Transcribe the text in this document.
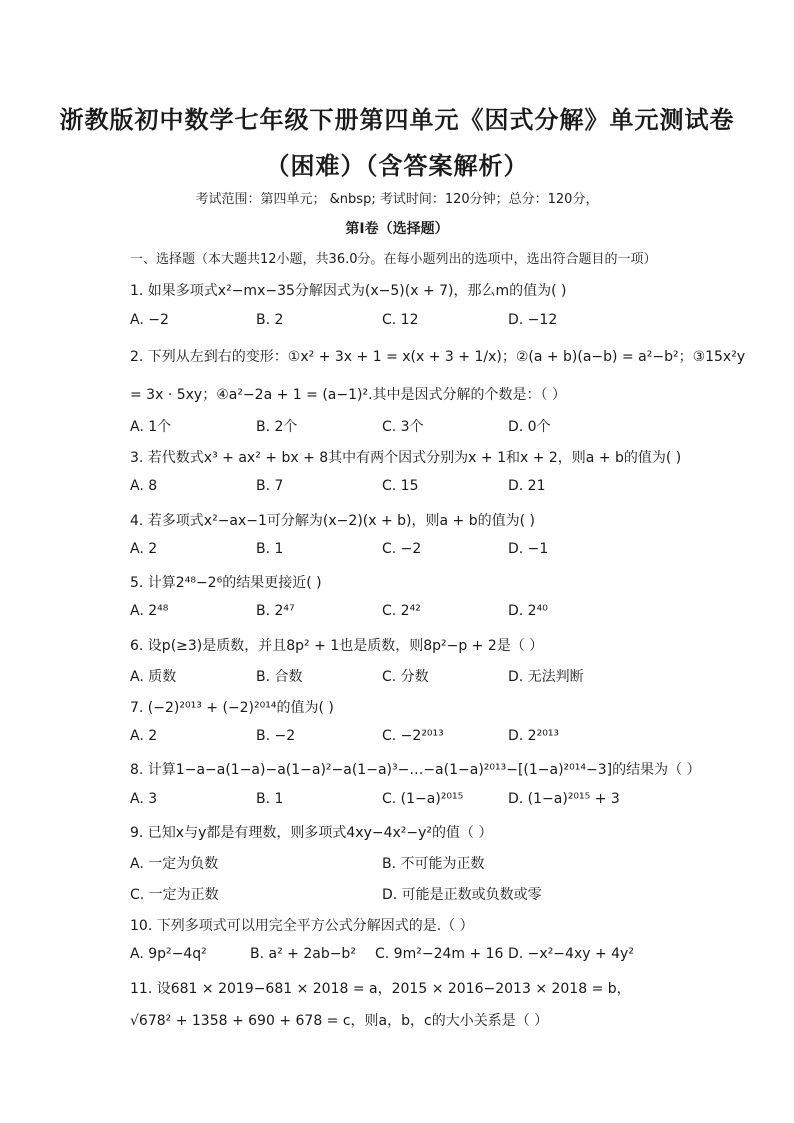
浙教版初中数学七年级下册第四单元《因式分解》单元测试卷
（困难）（含答案解析）
考试范围：第四单元； &nbsp; 考试时间：120分钟；总分：120分，
第I卷（选择题）
一、选择题（本大题共12小题，共36.0分。在每小题列出的选项中，选出符合题目的一项）
1. 如果多项式x²−mx−35分解因式为(x−5)(x + 7)，那么m的值为( )
A. −2	B. 2	C. 12	D. −12
2. 下列从左到右的变形：①x² + 3x + 1 = x(x + 3 + 1/x)；②(a + b)(a−b) = a²−b²；③15x²y
= 3x · 5xy；④a²−2a + 1 = (a−1)².其中是因式分解的个数是：（ ）
A. 1个	B. 2个	C. 3个	D. 0个
3. 若代数式x³ + ax² + bx + 8其中有两个因式分别为x + 1和x + 2，则a + b的值为( )
A. 8	B. 7	C. 15	D. 21
4. 若多项式x²−ax−1可分解为(x−2)(x + b)，则a + b的值为( )
A. 2	B. 1	C. −2	D. −1
5. 计算2⁴⁸−2⁶的结果更接近( )
A. 2⁴⁸	B. 2⁴⁷	C. 2⁴²	D. 2⁴⁰
6. 设p(≥3)是质数，并且8p² + 1也是质数，则8p²−p + 2是（ ）
A. 质数	B. 合数	C. 分数	D. 无法判断
7. (−2)²⁰¹³ + (−2)²⁰¹⁴的值为( )
A. 2	B. −2	C. −2²⁰¹³	D. 2²⁰¹³
8. 计算1−a−a(1−a)−a(1−a)²−a(1−a)³−…−a(1−a)²⁰¹³−[(1−a)²⁰¹⁴−3]的结果为（ ）
A. 3	B. 1	C. (1−a)²⁰¹⁵	D. (1−a)²⁰¹⁵ + 3
9. 已知x与y都是有理数，则多项式4xy−4x²−y²的值（ ）
A. 一定为负数	B. 不可能为正数
C. 一定为正数	D. 可能是正数或负数或零
10. 下列多项式可以用完全平方公式分解因式的是.（ ）
A. 9p²−4q²	B. a² + 2ab−b² C. 9m²−24m + 16 D. −x²−4xy + 4y²
11. 设681 × 2019−681 × 2018 = a，2015 × 2016−2013 × 2018 = b，
√678² + 1358 + 690 + 678 = c，则a，b，c的大小关系是（ ）
